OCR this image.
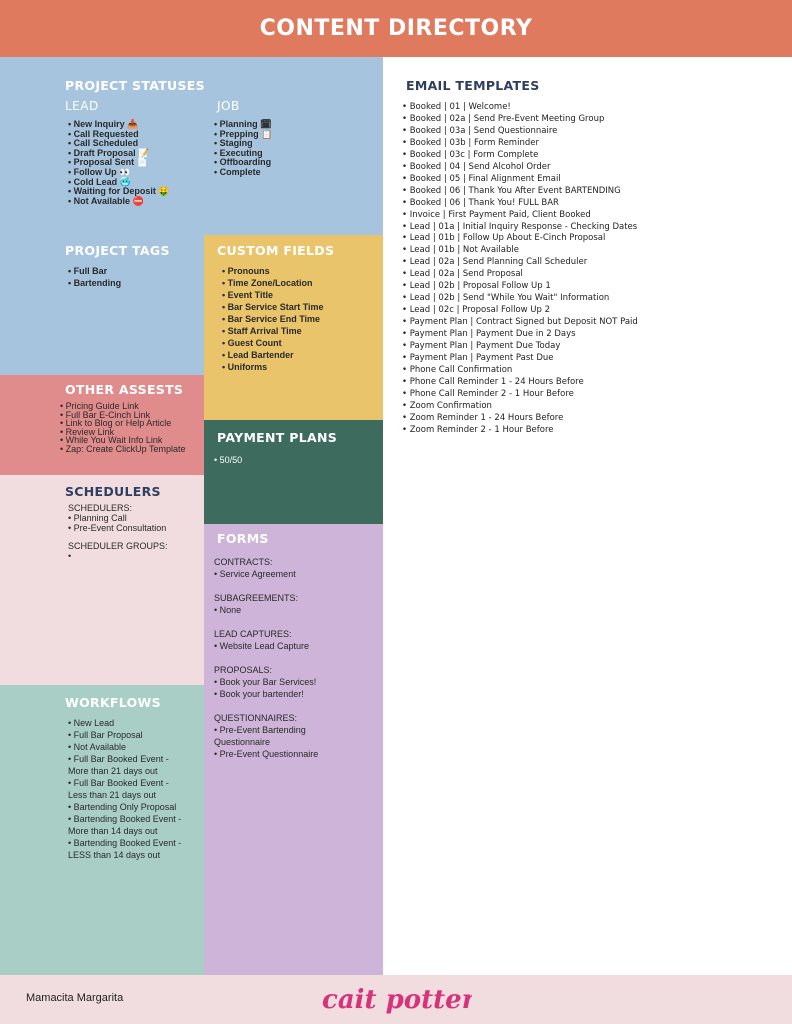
CONTENT DIRECTORY
PROJECT STATUSES
LEAD	JOB
• New Inquiry 📥
• Call Requested
• Call Scheduled
• Draft Proposal 📝
• Proposal Sent 📄
• Follow Up 👀
• Cold Lead 🥶
• Waiting for Deposit 🤑
• Not Available ⛔
• Planning 🗓
• Prepping 📋
• Staging
• Executing
• Offboarding
• Complete
PROJECT TAGS
• Full Bar
• Bartending
CUSTOM FIELDS
• Pronouns
• Time Zone/Location
• Event Title
• Bar Service Start Time
• Bar Service End Time
• Staff Arrival Time
• Guest Count
• Lead Bartender
• Uniforms
OTHER ASSESTS
• Pricing Guide Link
• Full Bar E-Cinch Link
• Link to Blog or Help Article
• Review Link
• While You Wait Info Link
• Zap: Create ClickUp Template
PAYMENT PLANS
• 50/50
SCHEDULERS
SCHEDULERS:
• Planning Call
• Pre-Event Consultation
SCHEDULER GROUPS:
•	FORMS
CONTRACTS:
• Service Agreement
SUBAGREEMENTS:
• None
LEAD CAPTURES:
• Website Lead Capture
PROPOSALS:
• Book your Bar Services!
• Book your bartender!
QUESTIONNAIRES:
• Pre-Event Bartending
Questionnaire
• Pre-Event Questionnaire
WORKFLOWS
• New Lead
• Full Bar Proposal
• Not Available
• Full Bar Booked Event -
More than 21 days out
• Full Bar Booked Event -
Less than 21 days out
• Bartending Only Proposal
• Bartending Booked Event -
More than 14 days out
• Bartending Booked Event -
LESS than 14 days out
EMAIL TEMPLATES
• Booked | 01 | Welcome!
• Booked | 02a | Send Pre-Event Meeting Group
• Booked | 03a | Send Questionnaire
• Booked | 03b | Form Reminder
• Booked | 03c | Form Complete
• Booked | 04 | Send Alcohol Order
• Booked | 05 | Final Alignment Email
• Booked | 06 | Thank You After Event BARTENDING
• Booked | 06 | Thank You! FULL BAR
• Invoice | First Payment Paid, Client Booked
• Lead | 01a | Initial Inquiry Response - Checking Dates
• Lead | 01b | Follow Up About E-Cinch Proposal
• Lead | 01b | Not Available
• Lead | 02a | Send Planning Call Scheduler
• Lead | 02a | Send Proposal
• Lead | 02b | Proposal Follow Up 1
• Lead | 02b | Send "While You Wait" Information
• Lead | 02c | Proposal Follow Up 2
• Payment Plan | Contract Signed but Deposit NOT Paid
• Payment Plan | Payment Due in 2 Days
• Payment Plan | Payment Due Today
• Payment Plan | Payment Past Due
• Phone Call Confirmation
• Phone Call Reminder 1 - 24 Hours Before
• Phone Call Reminder 2 - 1 Hour Before
• Zoom Confirmation
• Zoom Reminder 1 - 24 Hours Before
• Zoom Reminder 2 - 1 Hour Before
Mamacita Margarita	cait potter
